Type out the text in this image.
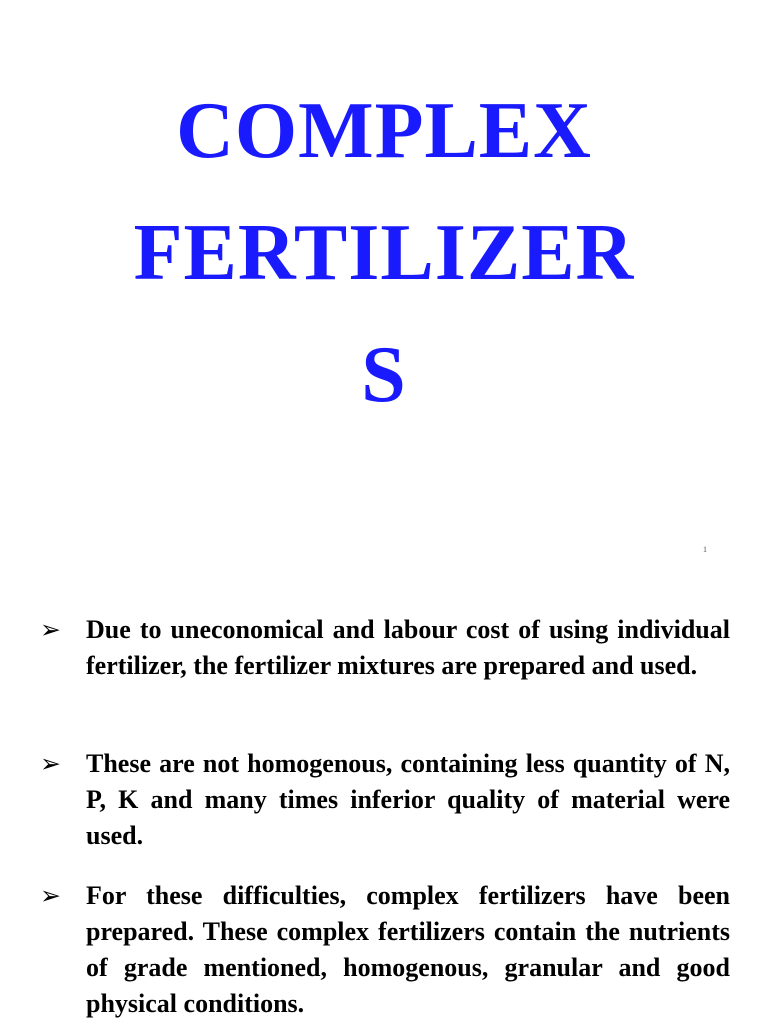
COMPLEX
FERTILIZER
S
1
➢ Due to uneconomical and labour cost of using individual fertilizer, the fertilizer mixtures are prepared and used.
➢ These are not homogenous, containing less quantity of N, P, K and many times inferior quality of material were used.
➢ For these difficulties, complex fertilizers have been prepared. These complex fertilizers contain the nutrients of grade mentioned, homogenous, granular and good physical conditions.
